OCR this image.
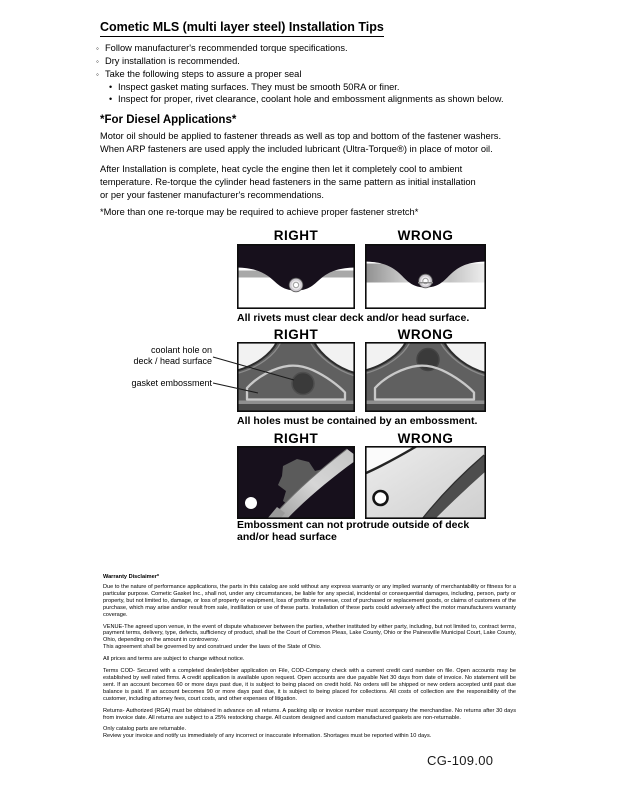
Cometic MLS (multi layer steel) Installation Tips
◦ Follow manufacturer's recommended torque specifications.
◦ Dry installation is recommended.
◦ Take the following steps to assure a proper seal
• Inspect gasket mating surfaces. They must be smooth 50RA or finer.
• Inspect for proper, rivet clearance, coolant hole and embossment alignments as shown below.
*For Diesel Applications*
Motor oil should be applied to fastener threads as well as top and bottom of the fastener washers.
When ARP fasteners are used apply the included lubricant (Ultra-Torque®) in place of motor oil.
After Installation is complete, heat cycle the engine then let it completely cool to ambient
temperature. Re-torque the cylinder head fasteners in the same pattern as initial installation
or per your fastener manufacturer's recommendations.
*More than one re-torque may be required to achieve proper fastener stretch*
RIGHT	WRONG
All rivets must clear deck and/or head surface.
RIGHT	WRONG
All holes must be contained by an embossment.
coolant hole on
deck / head surface
gasket embossment
RIGHT	WRONG
Embossment can not protrude outside of deck
and/or head surface
Warranty Disclaimer*

Due to the nature of performance applications, the parts in this catalog are sold without any express warranty or any implied warranty of merchantability or fitness for a particular purpose. Cometic Gasket Inc., shall not, under any circumstances, be liable for any special, incidental or consequential damages, including, person, party or property, but not limited to, damage, or loss of property or equipment, loss of profits or revenue, cost of purchased or replacement goods, or claims of customers of the purchase, which may arise and/or result from sale, instillation or use of these parts. Installation of these parts could adversely affect the motor manufacturers warranty coverage.

VENUE-The agreed upon venue, in the event of dispute whatsoever between the parties, whether instituted by either party, including, but not limited to, contract terms, payment terms, delivery, type, defects, sufficiency of product, shall be the Court of Common Pleas, Lake County, Ohio or the Painesville Municipal Court, Lake County, Ohio, depending on the amount in controversy.

This agreement shall be governed by and construed under the laws of the State of Ohio.

All prices and terms are subject to change without notice.

Terms COD- Secured with a completed dealer/jobber application on File, COD-Company check with a current credit card number on file. Open accounts may be established by well rated firms. A credit application is available upon request. Open accounts are due payable Net 30 days from date of invoice. No statement will be sent. If an account becomes 60 or more days past due, it is subject to being placed on credit hold. No orders will be shipped or new orders accepted until past due balance is paid. If an account becomes 90 or more days past due, it is subject to being placed for collections. All costs of collection are the responsibility of the customer, including attorney fees, court costs, and other expenses of litigation.

Returns- Authorized (RGA) must be obtained in advance on all returns. A packing slip or invoice number must accompany the merchandise. No returns after 30 days from invoice date. All returns are subject to a 25% restocking charge. All custom designed and custom manufactured gaskets are non-returnable.

Only catalog parts are returnable.

Review your invoice and notify us immediately of any incorrect or inaccurate information. Shortages must be reported within 10 days.

CG-109.00
